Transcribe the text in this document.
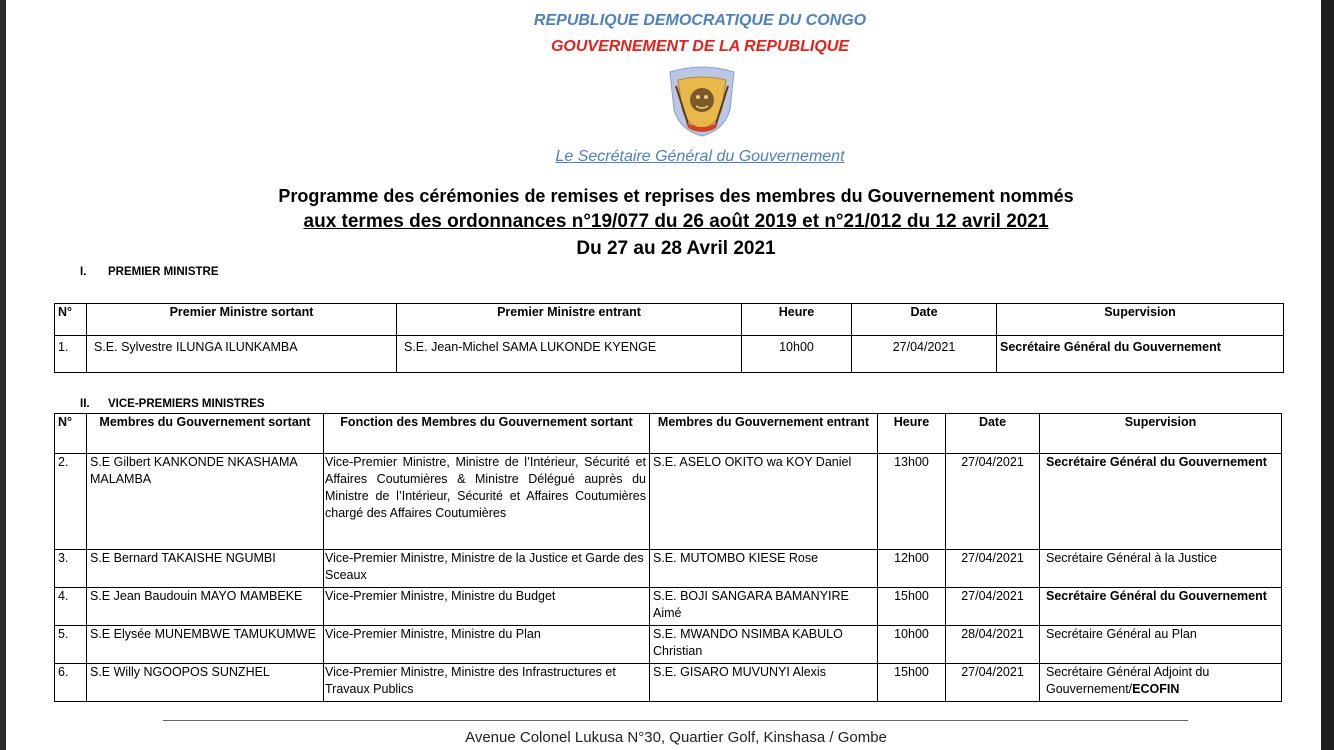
REPUBLIQUE DEMOCRATIQUE DU CONGO
GOUVERNEMENT DE LA REPUBLIQUE
Le Secrétaire Général du Gouvernement
Programme des cérémonies de remises et reprises des membres du Gouvernement nommés
aux termes des ordonnances n°19/077 du 26 août 2019 et n°21/012 du 12 avril 2021
Du 27 au 28 Avril 2021
I. PREMIER MINISTRE
N°	Premier Ministre sortant	Premier Ministre entrant	Heure	Date	Supervision
1.	S.E. Sylvestre ILUNGA ILUNKAMBA	S.E. Jean-Michel SAMA LUKONDE KYENGE	10h00	27/04/2021	Secrétaire Général du Gouvernement
II. VICE-PREMIERS MINISTRES
N°	Membres du Gouvernement sortant	Fonction des Membres du Gouvernement sortant	Membres du Gouvernement entrant	Heure	Date	Supervision
2.	S.E Gilbert KANKONDE NKASHAMA MALAMBA	Vice-Premier Ministre, Ministre de l’Intérieur, Sécurité et Affaires Coutumières & Ministre Délégué auprès du Ministre de l’Intérieur, Sécurité et Affaires Coutumières chargé des Affaires Coutumières	S.E. ASELO OKITO wa KOY Daniel	13h00	27/04/2021	Secrétaire Général du Gouvernement
3.	S.E Bernard TAKAISHE NGUMBI	Vice-Premier Ministre, Ministre de la Justice et Garde des Sceaux	S.E. MUTOMBO KIESE Rose	12h00	27/04/2021	Secrétaire Général à la Justice
4.	S.E Jean Baudouin MAYO MAMBEKE	Vice-Premier Ministre, Ministre du Budget	S.E. BOJI SANGARA BAMANYIRE Aimé	15h00	27/04/2021	Secrétaire Général du Gouvernement
5.	S.E Elysée MUNEMBWE TAMUKUMWE	Vice-Premier Ministre, Ministre du Plan	S.E. MWANDO NSIMBA KABULO Christian	10h00	28/04/2021	Secrétaire Général au Plan
6.	S.E Willy NGOOPOS SUNZHEL	Vice-Premier Ministre, Ministre des Infrastructures et Travaux Publics	S.E. GISARO MUVUNYI Alexis	15h00	27/04/2021	Secrétaire Général Adjoint du Gouvernement/ECOFIN
Avenue Colonel Lukusa N°30, Quartier Golf, Kinshasa / Gombe
